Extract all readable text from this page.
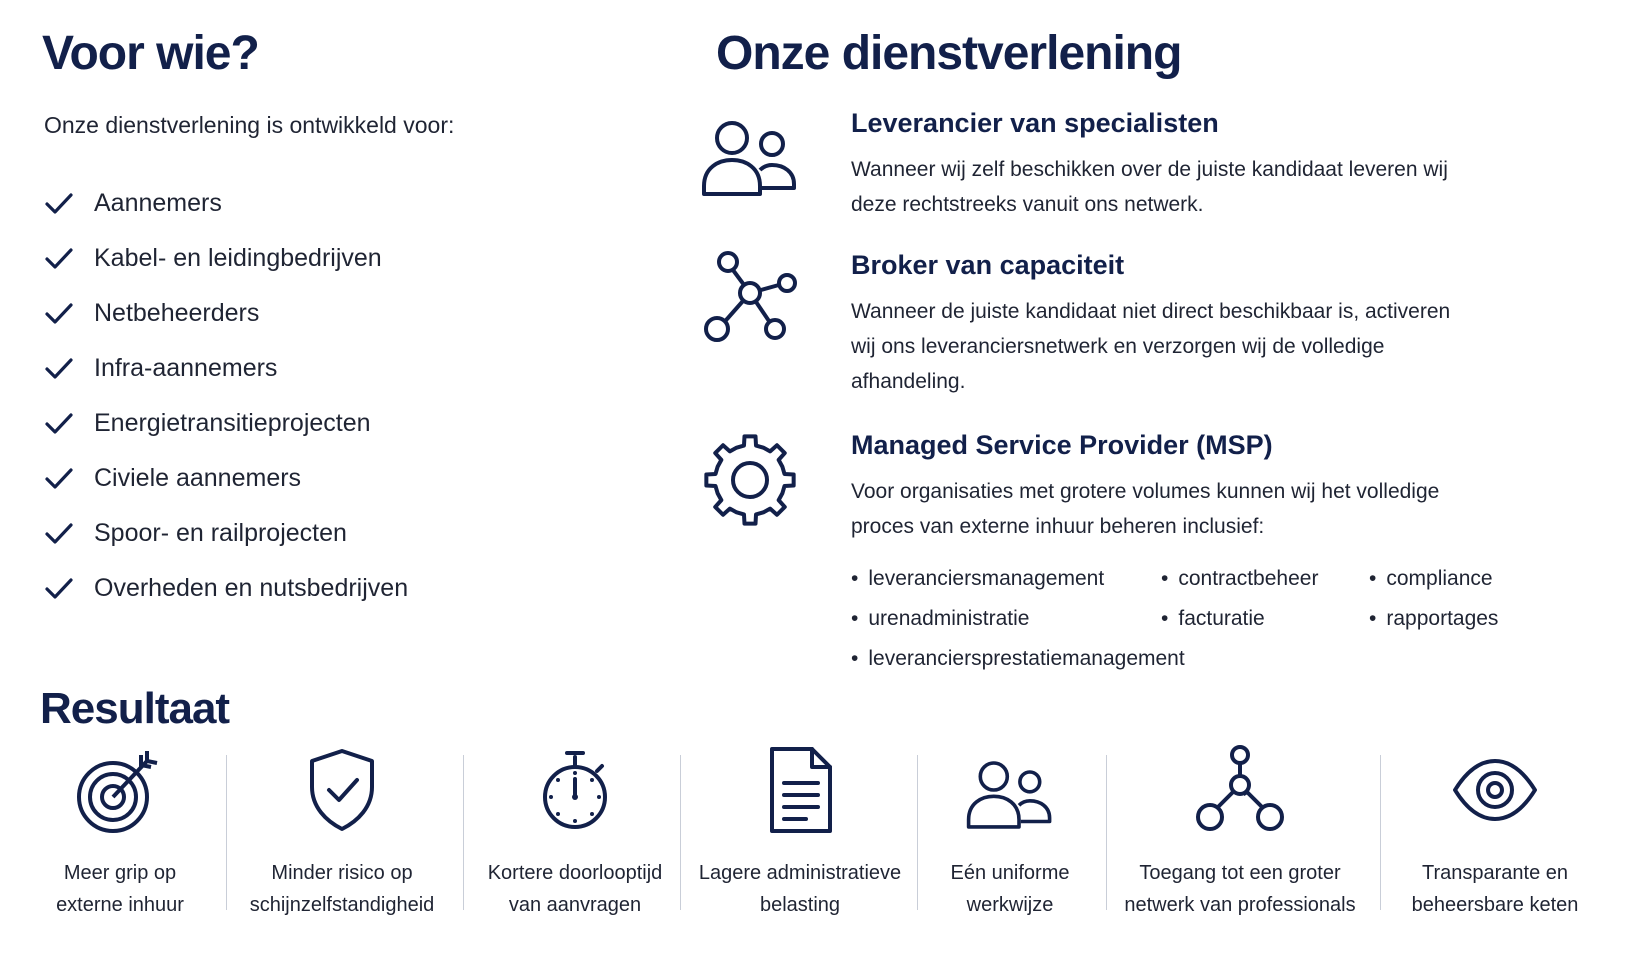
Voor wie?
Onze dienstverlening is ontwikkeld voor:
Aannemers
Kabel- en leidingbedrijven
Netbeheerders
Infra-aannemers
Energietransitieprojecten
Civiele aannemers
Spoor- en railprojecten
Overheden en nutsbedrijven
Onze dienstverlening
Leverancier van specialisten
Wanneer wij zelf beschikken over de juiste kandidaat leveren wij deze rechtstreeks vanuit ons netwerk.
Broker van capaciteit
Wanneer de juiste kandidaat niet direct beschikbaar is, activeren wij ons leveranciersnetwerk en verzorgen wij de volledige afhandeling.
Managed Service Provider (MSP)
Voor organisaties met grotere volumes kunnen wij het volledige proces van externe inhuur beheren inclusief:
• leveranciersmanagement	• contractbeheer	• compliance
• urenadministratie	• facturatie	• rapportages
• leveranciersprestatiemanagement
Resultaat
Meer grip op externe inhuur
Minder risico op schijnzelfstandigheid
Kortere doorlooptijd van aanvragen
Lagere administratieve belasting
Eén uniforme werkwijze
Toegang tot een groter netwerk van professionals
Transparante en beheersbare keten
